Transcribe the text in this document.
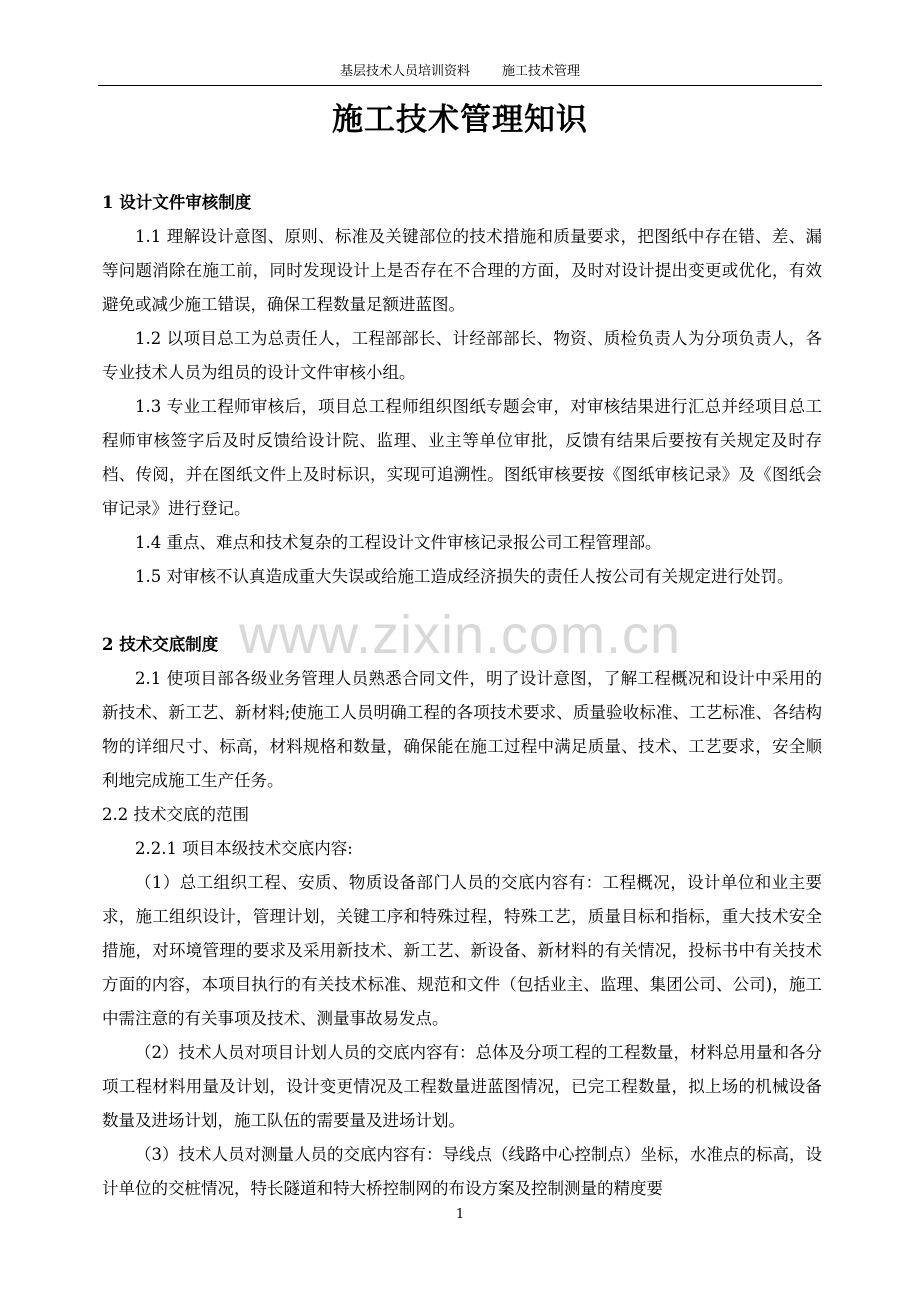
基层技术人员培训资料 施工技术管理
施工技术管理知识

1 设计文件审核制度

1.1 理解设计意图、原则、标准及关键部位的技术措施和质量要求，把图纸中存在错、差、漏等问题消除在施工前，同时发现设计上是否存在不合理的方面，及时对设计提出变更或优化，有效避免或减少施工错误，确保工程数量足额进蓝图。

1.2 以项目总工为总责任人，工程部部长、计经部部长、物资、质检负责人为分项负责人，各专业技术人员为组员的设计文件审核小组。

1.3 专业工程师审核后，项目总工程师组织图纸专题会审，对审核结果进行汇总并经项目总工程师审核签字后及时反馈给设计院、监理、业主等单位审批，反馈有结果后要按有关规定及时存档、传阅，并在图纸文件上及时标识，实现可追溯性。图纸审核要按《图纸审核记录》及《图纸会审记录》进行登记。

1.4 重点、难点和技术复杂的工程设计文件审核记录报公司工程管理部。

1.5 对审核不认真造成重大失误或给施工造成经济损失的责任人按公司有关规定进行处罚。

2 技术交底制度

2.1 使项目部各级业务管理人员熟悉合同文件，明了设计意图，了解工程概况和设计中采用的新技术、新工艺、新材料;使施工人员明确工程的各项技术要求、质量验收标准、工艺标准、各结构物的详细尺寸、标高，材料规格和数量，确保能在施工过程中满足质量、技术、工艺要求，安全顺利地完成施工生产任务。

2.2 技术交底的范围

2.2.1 项目本级技术交底内容:

（1）总工组织工程、安质、物质设备部门人员的交底内容有：工程概况，设计单位和业主要求，施工组织设计，管理计划，关键工序和特殊过程，特殊工艺，质量目标和指标，重大技术安全措施，对环境管理的要求及采用新技术、新工艺、新设备、新材料的有关情况，投标书中有关技术方面的内容，本项目执行的有关技术标准、规范和文件（包括业主、监理、集团公司、公司)，施工中需注意的有关事项及技术、测量事故易发点。

（2）技术人员对项目计划人员的交底内容有：总体及分项工程的工程数量，材料总用量和各分项工程材料用量及计划，设计变更情况及工程数量进蓝图情况，已完工程数量，拟上场的机械设备数量及进场计划，施工队伍的需要量及进场计划。

（3）技术人员对测量人员的交底内容有：导线点（线路中心控制点）坐标，水准点的标高，设计单位的交桩情况，特长隧道和特大桥控制网的布设方案及控制测量的精度要

www.zixin.com.cn
1
